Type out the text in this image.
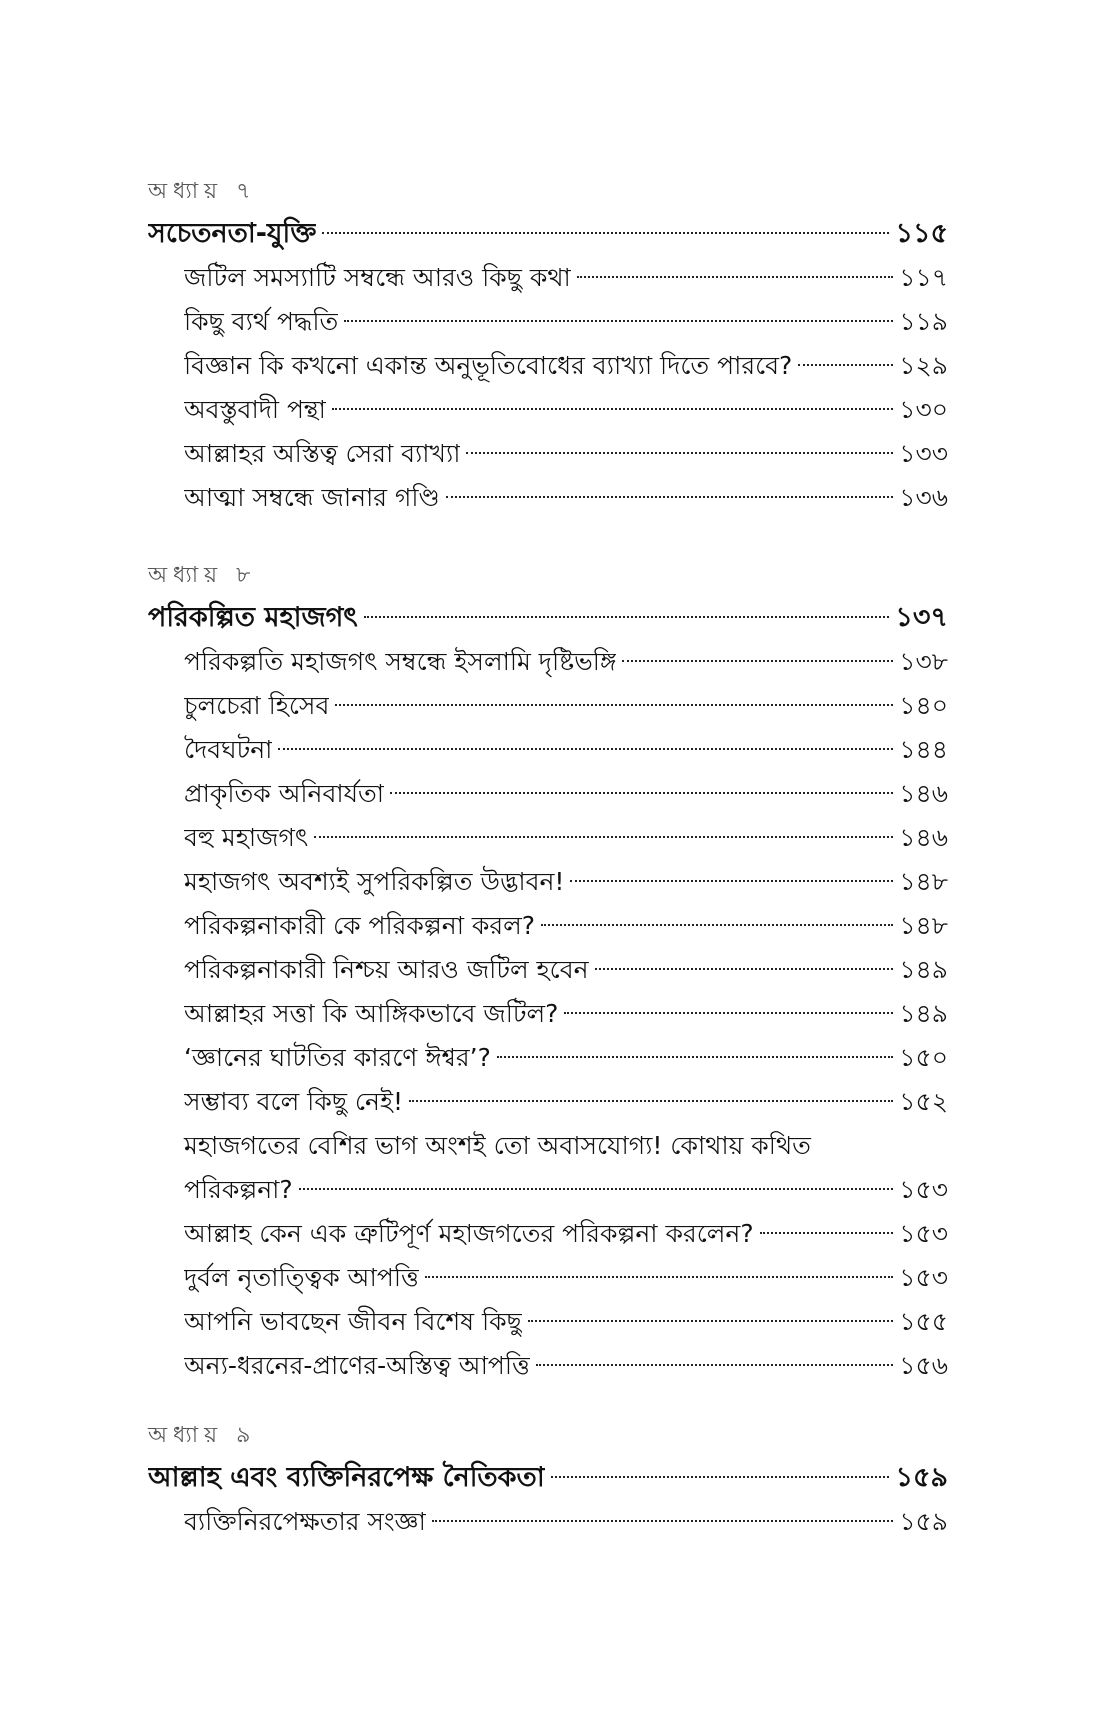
অধ্যায় ৭
সচেতনতা-যুক্তি	১১৫
জটিল সমস্যাটি সম্বন্ধে আরও কিছু কথা	১১৭
কিছু ব্যর্থ পদ্ধতি	১১৯
বিজ্ঞান কি কখনো একান্ত অনুভূতিবোধের ব্যাখ্যা দিতে পারবে?	১২৯
অবস্তুবাদী পন্থা	১৩০
আল্লাহর অস্তিত্ব সেরা ব্যাখ্যা	১৩৩
আত্মা সম্বন্ধে জানার গণ্ডি	১৩৬
অধ্যায় ৮
পরিকল্পিত মহাজগৎ	১৩৭
পরিকল্পতি মহাজগৎ সম্বন্ধে ইসলামি দৃষ্টিভঙ্গি	১৩৮
চুলচেরা হিসেব	১৪০
দৈবঘটনা	১৪৪
প্রাকৃতিক অনিবার্যতা	১৪৬
বহু মহাজগৎ	১৪৬
মহাজগৎ অবশ্যই সুপরিকল্পিত উদ্ভাবন!	১৪৮
পরিকল্পনাকারী কে পরিকল্পনা করল?	১৪৮
পরিকল্পনাকারী নিশ্চয় আরও জটিল হবেন	১৪৯
আল্লাহর সত্তা কি আঙ্গিকভাবে জটিল?	১৪৯
‘জ্ঞানের ঘাটতির কারণে ঈশ্বর’?	১৫০
সম্ভাব্য বলে কিছু নেই!	১৫২
মহাজগতের বেশির ভাগ অংশই তো অবাসযোগ্য! কোথায় কথিত
পরিকল্পনা?	১৫৩
আল্লাহ কেন এক ত্রুটিপূর্ণ মহাজগতের পরিকল্পনা করলেন?	১৫৩
দুর্বল নৃতাত্ত্বিক আপত্তি	১৫৩
আপনি ভাবছেন জীবন বিশেষ কিছু	১৫৫
অন্য-ধরনের-প্রাণের-অস্তিত্ব আপত্তি	১৫৬
অধ্যায় ৯
আল্লাহ এবং ব্যক্তিনিরপেক্ষ নৈতিকতা	১৫৯
ব্যক্তিনিরপেক্ষতার সংজ্ঞা	১৫৯
